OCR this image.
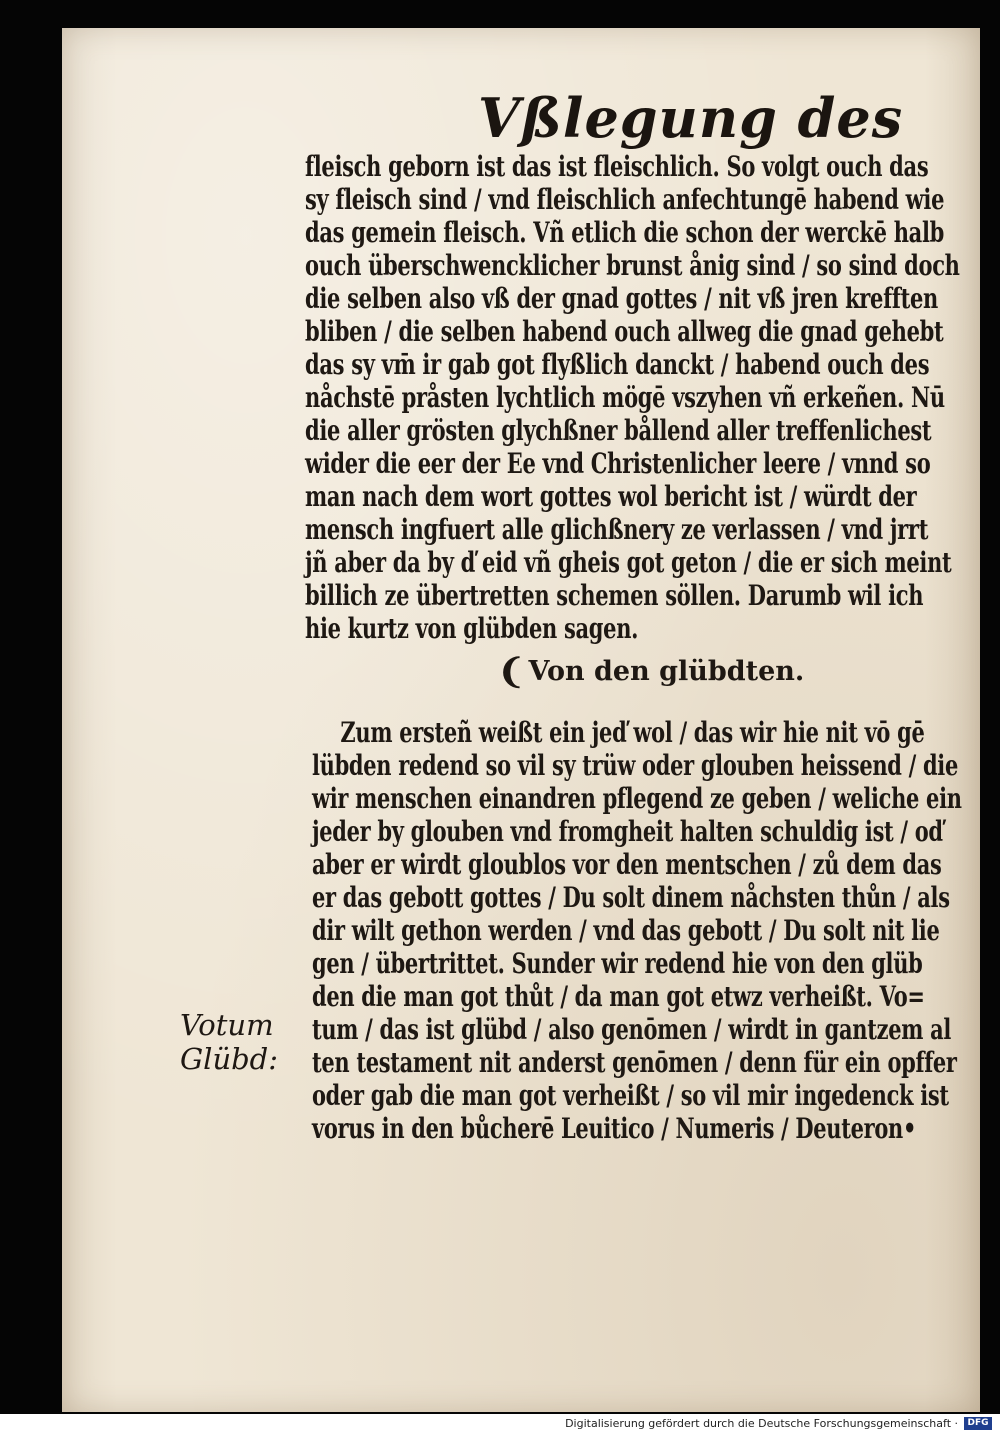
Vßlegung des
fleisch geborn ist das ist fleischlich. So volgt ouch das
sy fleisch sind / vnd fleischlich anfechtungē habend wie
das gemein fleisch. Vñ etlich die schon der werckē halb
ouch überschwencklicher brunst ånig sind / so sind doch
die selben also vß der gnad gottes / nit vß jren krefften
bliben / die selben habend ouch allweg die gnad gehebt
das sy vm̄ ir gab got flyßlich danckt / habend ouch des
nåchstē pråsten lychtlich mögē vszyhen vñ erkeñen. Nū
die aller grösten glychßner bållend aller treffenlichest
wider die eer der Ee vnd Christenlicher leere / vnnd so
man nach dem wort gottes wol bericht ist / würdt der
mensch ingfuert alle glichßnery ze verlassen / vnd jrrt
jñ aber da by ď eid vñ gheis got geton / die er sich meint
billich ze übertretten schemen söllen. Darumb wil ich
hie kurtz von glübden sagen.
❨ Von den glübdten.
Zum ersteñ weißt ein jeď wol / das wir hie nit vō gē
lübden redend so vil sy trüw oder glouben heissend / die
wir menschen einandren pflegend ze geben / weliche ein
jeder by glouben vnd fromgheit halten schuldig ist / oď
aber er wirdt gloublos vor den mentschen / zů dem das
er das gebott gottes / Du solt dinem nåchsten thůn / als
dir wilt gethon werden / vnd das gebott / Du solt nit lie
gen / übertrittet. Sunder wir redend hie von den glüb
den die man got thůt / da man got etwz verheißt. Vo=
tum / das ist glübd / also genōmen / wirdt in gantzem al
ten testament nit anderst genōmen / denn für ein opffer
oder gab die man got verheißt / so vil mir ingedenck ist
vorus in den bůcherē Leuitico / Numeris / Deuteron•
Votum
Glübd:
Digitalisierung gefördert durch die Deutsche Forschungsgemeinschaft ·	DFG
